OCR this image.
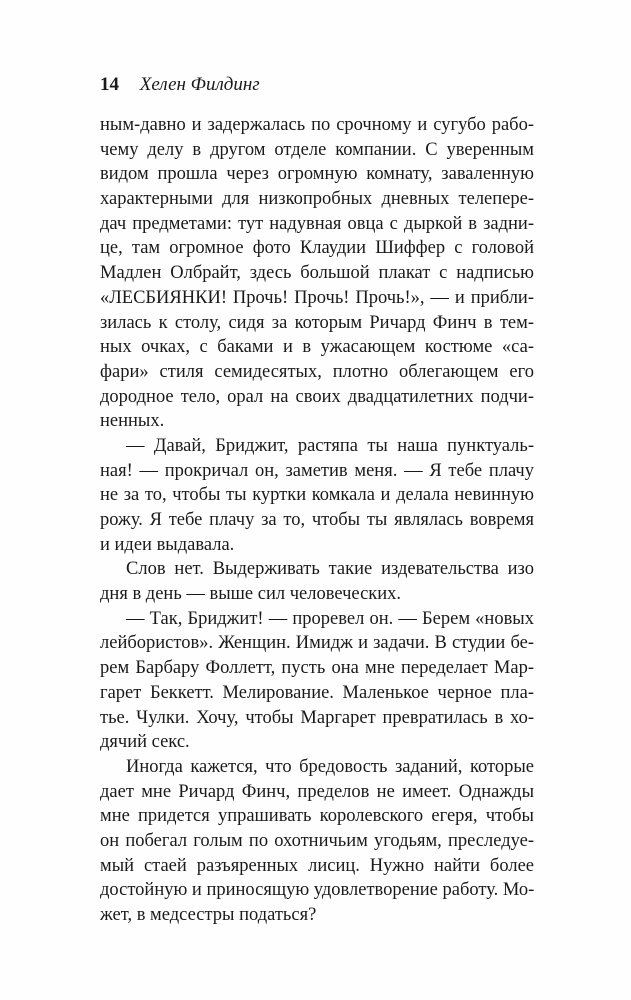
14 Хелен Филдинг
ным-давно и задержалась по срочному и сугубо рабо-
чему делу в другом отделе компании. С уверенным
видом прошла через огромную комнату, заваленную
характерными для низкопробных дневных телепере-
дач предметами: тут надувная овца с дыркой в задни-
це, там огромное фото Клаудии Шиффер с головой
Мадлен Олбрайт, здесь большой плакат с надписью
«ЛЕСБИЯНКИ! Прочь! Прочь! Прочь!», — и прибли-
зилась к столу, сидя за которым Ричард Финч в тем-
ных очках, с баками и в ужасающем костюме «са-
фари» стиля семидесятых, плотно облегающем его
дородное тело, орал на своих двадцатилетних подчи-
ненных.
— Давай, Бриджит, растяпа ты наша пунктуаль-
ная! — прокричал он, заметив меня. — Я тебе плачу
не за то, чтобы ты куртки комкала и делала невинную
рожу. Я тебе плачу за то, чтобы ты являлась вовремя
и идеи выдавала.
Слов нет. Выдерживать такие издевательства изо
дня в день — выше сил человеческих.
— Так, Бриджит! — проревел он. — Берем «новых
лейбористов». Женщин. Имидж и задачи. В студии бе-
рем Барбару Фоллетт, пусть она мне переделает Мар-
гарет Беккетт. Мелирование. Маленькое черное пла-
тье. Чулки. Хочу, чтобы Маргарет превратилась в хо-
дячий секс.
Иногда кажется, что бредовость заданий, которые
дает мне Ричард Финч, пределов не имеет. Однажды
мне придется упрашивать королевского егеря, чтобы
он побегал голым по охотничьим угодьям, преследуе-
мый стаей разъяренных лисиц. Нужно найти более
достойную и приносящую удовлетворение работу. Мо-
жет, в медсестры податься?
